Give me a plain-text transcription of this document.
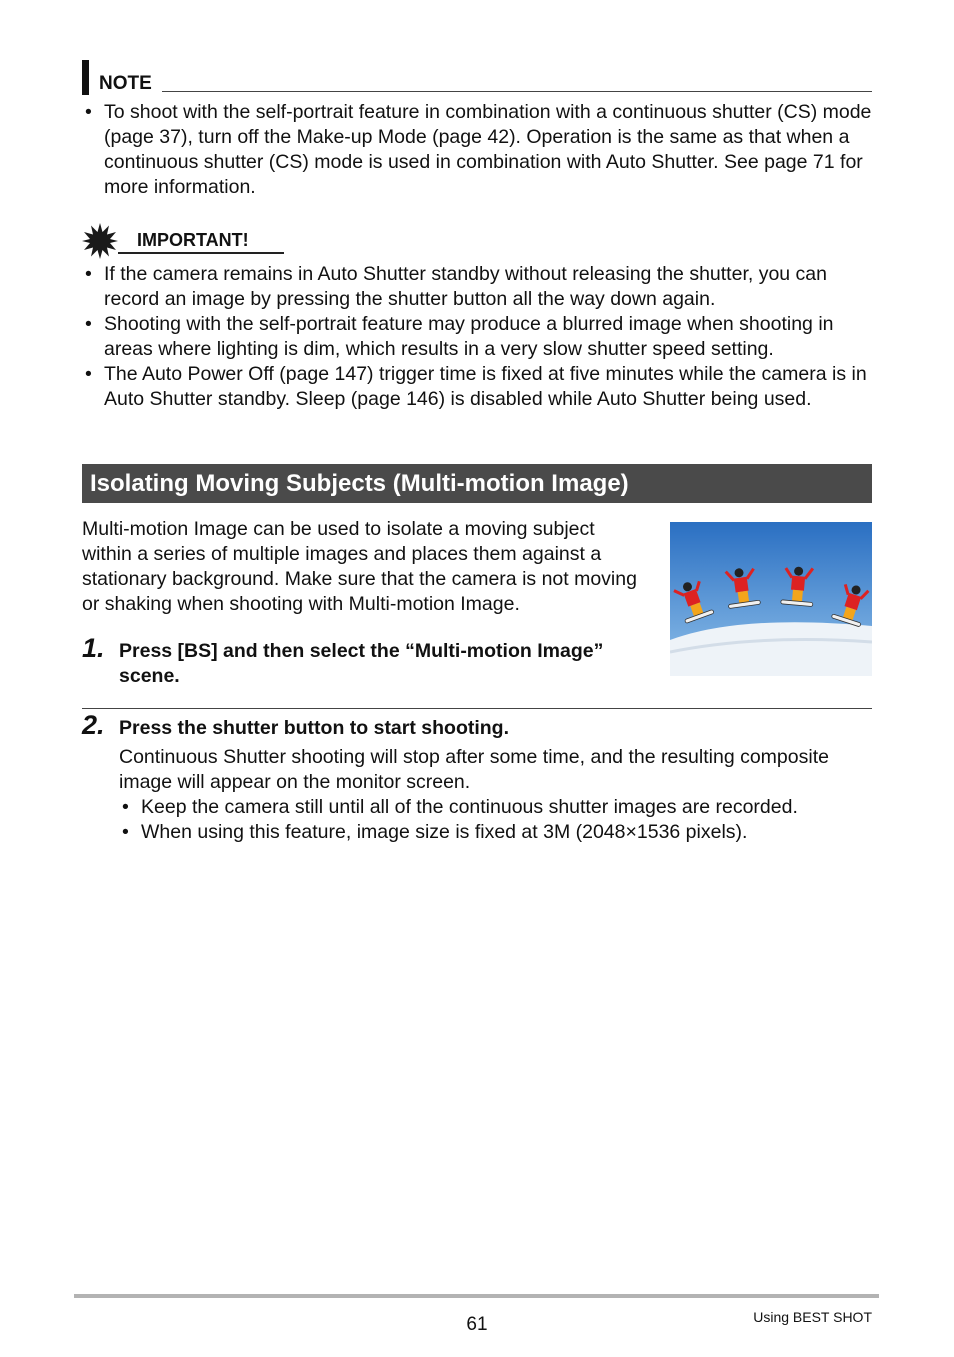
NOTE
• To shoot with the self-portrait feature in combination with a continuous shutter (CS) mode (page 37), turn off the Make-up Mode (page 42). Operation is the same as that when a continuous shutter (CS) mode is used in combination with Auto Shutter. See page 71 for more information.
IMPORTANT!
• If the camera remains in Auto Shutter standby without releasing the shutter, you can record an image by pressing the shutter button all the way down again.
• Shooting with the self-portrait feature may produce a blurred image when shooting in areas where lighting is dim, which results in a very slow shutter speed setting.
• The Auto Power Off (page 147) trigger time is fixed at five minutes while the camera is in Auto Shutter standby. Sleep (page 146) is disabled while Auto Shutter being used.
Isolating Moving Subjects (Multi-motion Image)
Multi-motion Image can be used to isolate a moving subject within a series of multiple images and places them against a stationary background. Make sure that the camera is not moving or shaking when shooting with Multi-motion Image.
1. Press [BS] and then select the “Multi-motion Image” scene.
2. Press the shutter button to start shooting.
Continuous Shutter shooting will stop after some time, and the resulting composite image will appear on the monitor screen.
• Keep the camera still until all of the continuous shutter images are recorded.
• When using this feature, image size is fixed at 3M (2048×1536 pixels).
61	Using BEST SHOT
